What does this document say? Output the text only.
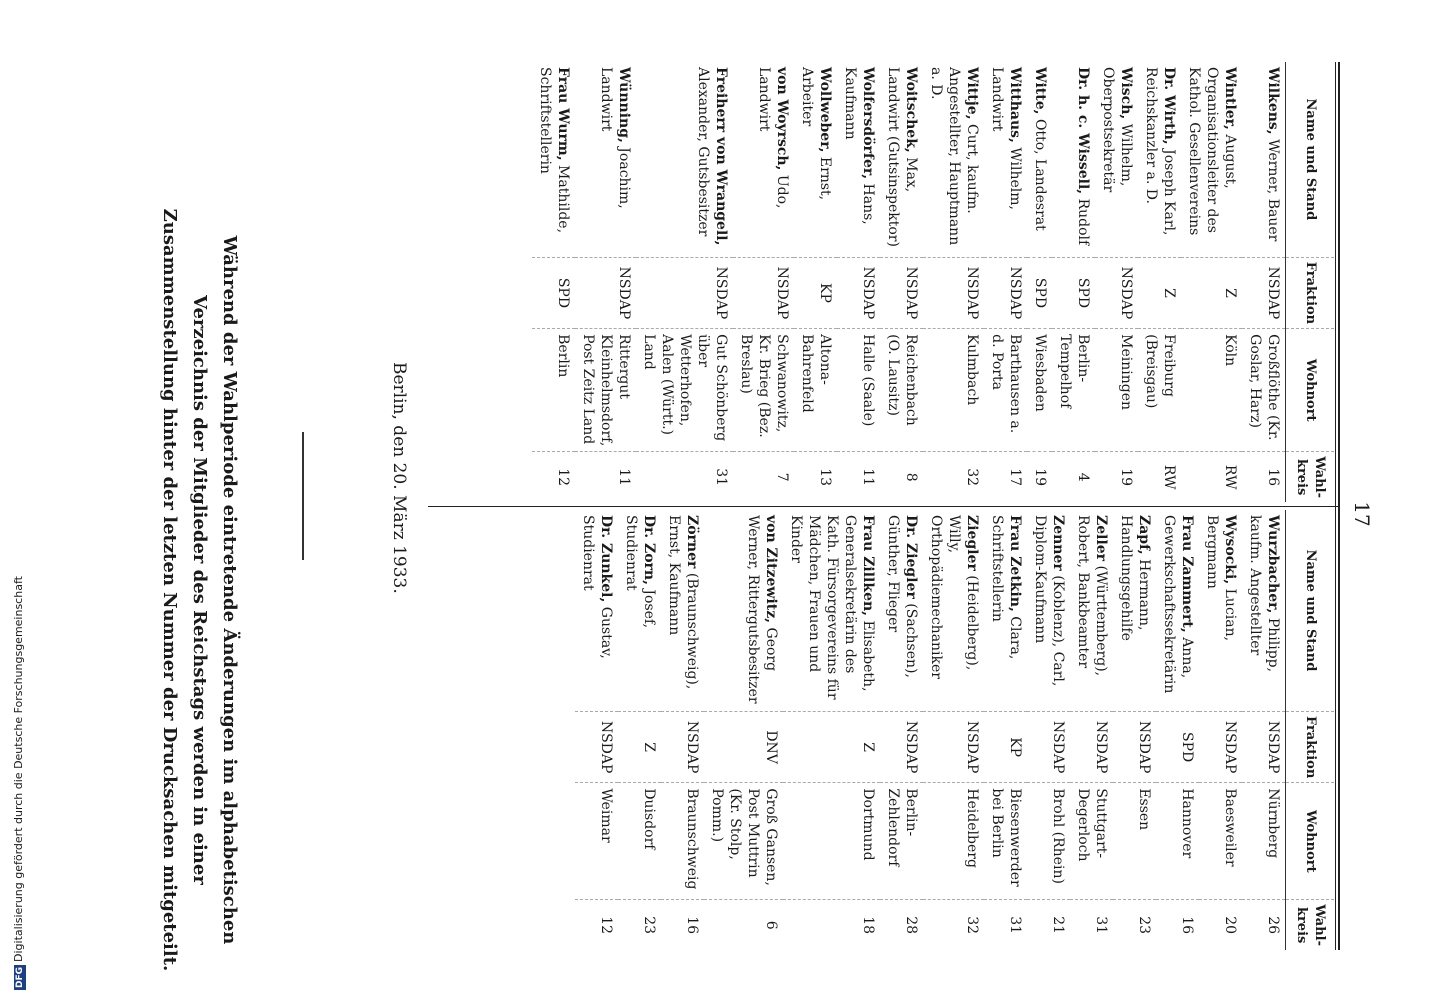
17
Name und Stand	Fraktion	Wohnort	Wahl-kreis
Wilkens, Werner, Bauer	NSDAP	Großflöthe (Kr. Goslar, Harz)	16
Wintler, August, Organisationsleiter des Kathol. Gesellenvereins	Z	Köln	RW
Dr. Wirth, Joseph Karl, Reichskanzler a. D.	Z	Freiburg (Breisgau)	RW
Wisch, Wilhelm, Oberpostsekretär	NSDAP	Meiningen	19
Dr. h. c. Wissell, Rudolf	SPD	Berlin-Tempelhof	4
Witte, Otto, Landesrat	SPD	Wiesbaden	19
Witthaus, Wilhelm, Landwirt	NSDAP	Barthausen a. d. Porta	17
Wittje, Curt, kaufm. Angestellter, Hauptmann a. D.	NSDAP	Kulmbach	32
Woitschek, Max, Landwirt (Gutsinspektor)	NSDAP	Reichenbach (O. Lausitz)	8
Wolfersdörfer, Hans, Kaufmann	NSDAP	Halle (Saale)	11
Wollweber, Ernst, Arbeiter	KP	Altona-Bahrenfeld	13
von Woyrsch, Udo, Landwirt	NSDAP	Schwanowitz, Kr. Brieg (Bez. Breslau)	7
Freiherr von Wrangell, Alexander, Gutsbesitzer	NSDAP	Gut Schönberg über Wetterhofen, Aalen (Württ.) Land	31
Wünning, Joachim, Landwirt	NSDAP	Rittergut Kleinhelmsdorf, Post Zeitz Land	11
Frau Wurm, Mathilde, Schriftstellerin	SPD	Berlin	12
Name und Stand	Fraktion	Wohnort	Wahl-kreis
Wurzbacher, Philipp, kaufm. Angestellter	NSDAP	Nürnberg	26
Wysocki, Lucian, Bergmann	NSDAP	Baesweiler	20
Frau Zammert, Anna, Gewerkschaftssekretärin	SPD	Hannover	16
Zapf, Hermann, Handlungsgehilfe	NSDAP	Essen	23
Zeller (Württemberg), Robert, Bankbeamter	NSDAP	Stuttgart-Degerloch	31
Zenner (Koblenz), Carl, Diplom-Kaufmann	NSDAP	Brohl (Rhein)	21
Frau Zetkin, Clara, Schriftstellerin	KP	Biesenwerder bei Berlin	31
Ziegler (Heidelberg), Willy, Orthopädiemechaniker	NSDAP	Heidelberg	32
Dr. Ziegler (Sachsen), Günther, Flieger	NSDAP	Berlin-Zehlendorf	28
Frau Zillken, Elisabeth, Generalsekretärin des Kath. Fürsorgevereins für Mädchen, Frauen und Kinder	Z	Dortmund	18
von Zitzewitz, Georg Werner, Rittergutsbesitzer	DNV	Groß Gansen, Post Muttrin (Kr. Stolp, Pomm.)	6
Zörner (Braunschweig), Ernst, Kaufmann	NSDAP	Braunschweig	16
Dr. Zorn, Josef, Studienrat	Z	Duisdorf	23
Dr. Zunkel, Gustav, Studienrat	NSDAP	Weimar	12
Berlin, den 20. März 1933.
Während der Wahlperiode eintretende Änderungen im alphabetischen Verzeichnis der Mitglieder des Reichstags werden in einer Zusammenstellung hinter der letzten Nummer der Drucksachen mitgeteilt.
DFGDigitalisierung gefördert durch die Deutsche Forschungsgemeinschaft
